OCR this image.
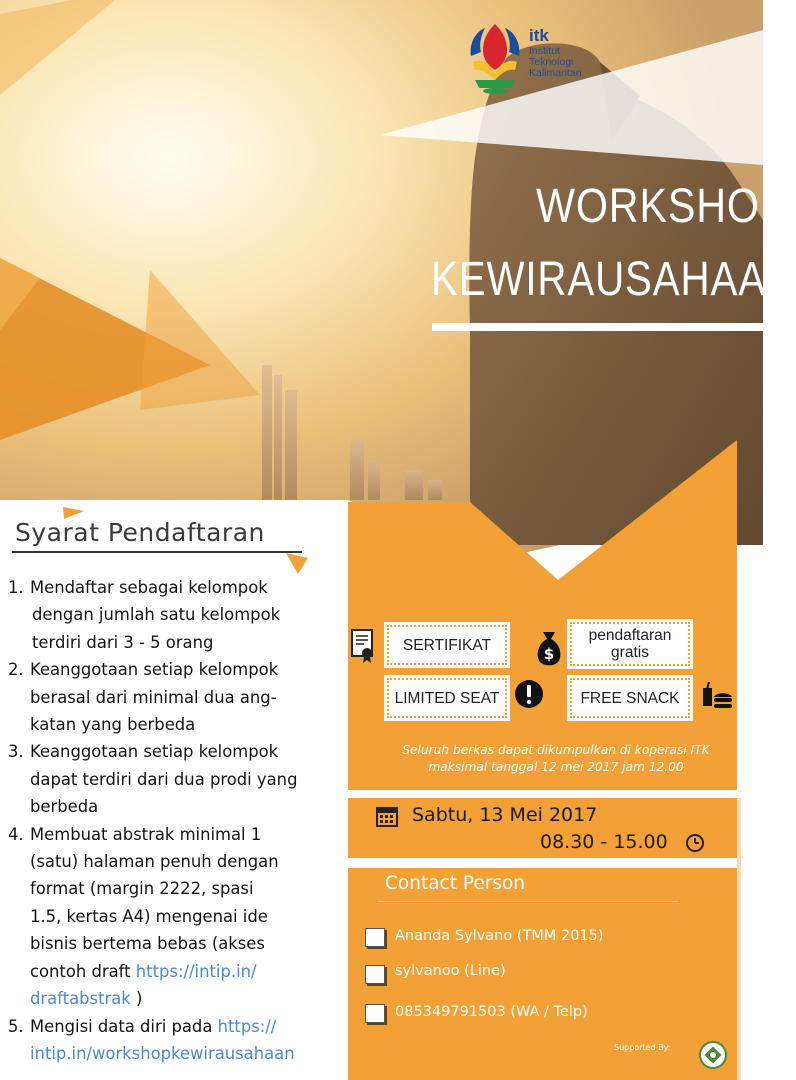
itk
Institut
Teknologi
Kalimantan
WORKSHOP
KEWIRAUSAHAAN
Syarat Pendaftaran
1. Mendaftar sebagai kelompok
dengan jumlah satu kelompok
terdiri dari 3 - 5 orang
2. Keanggotaan setiap kelompok
berasal dari minimal dua ang-
katan yang berbeda
3. Keanggotaan setiap kelompok
dapat terdiri dari dua prodi yang
berbeda
4. Membuat abstrak minimal 1
(satu) halaman penuh dengan
format (margin 2222, spasi
1.5, kertas A4) mengenai ide
bisnis bertema bebas (akses
contoh draft https://intip.in/
draftabstrak )
5. Mengisi data diri pada https://
intip.in/workshopkewirausahaan
$
SERTIFIKAT
pendaftaran
gratis
LIMITED SEAT	FREE SNACK
Seluruh berkas dapat dikumpulkan di koperasi ITK
maksimal tanggal 12 mei 2017 jam 12.00
Sabtu, 13 Mei 2017
08.30 - 15.00
Contact Person
Ananda Sylvano (TMM 2015)
sylvanoo (Line)
085349791503 (WA / Telp)
Supported By:
